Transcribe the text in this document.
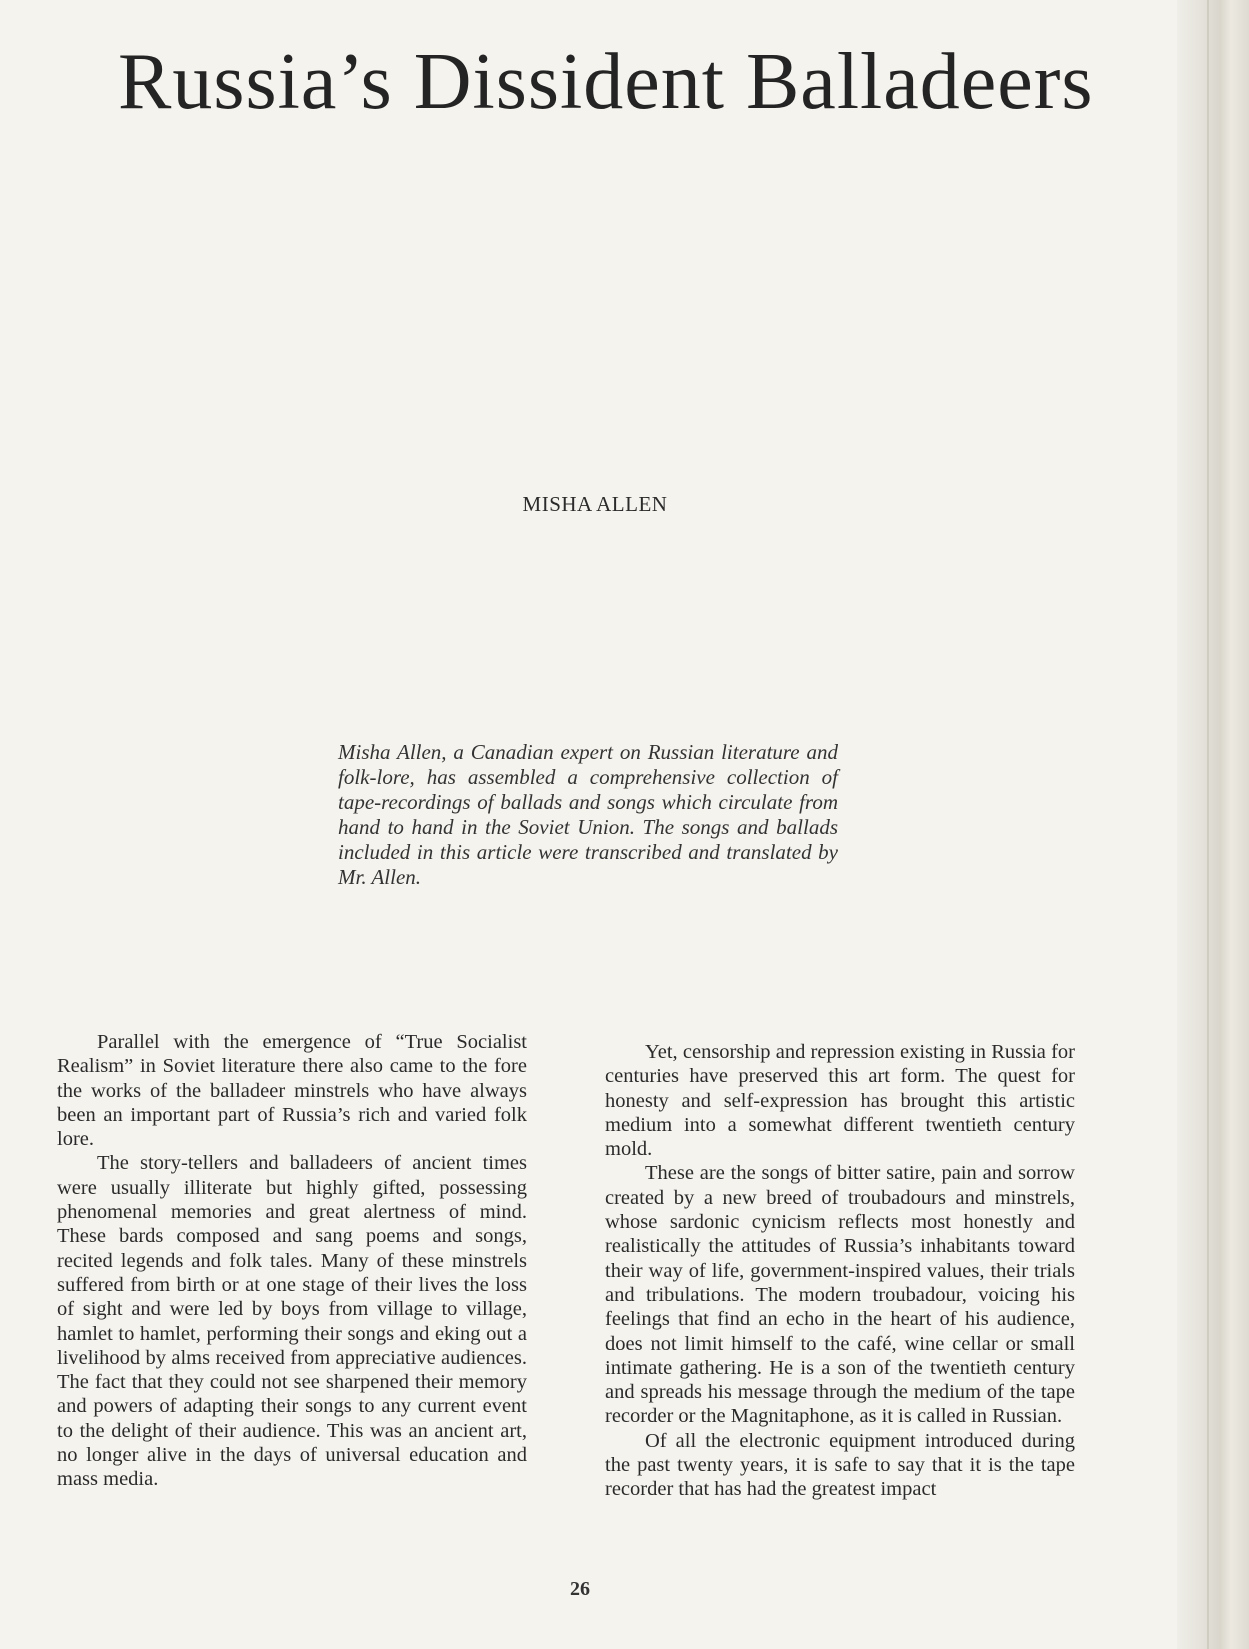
Russia’s Dissident Balladeers
MISHA ALLEN

Misha Allen, a Canadian expert on Russian literature and folk-lore, has assembled a comprehensive collection of tape-recordings of ballads and songs which circulate from hand to hand in the Soviet Union. The songs and ballads included in this article were transcribed and translated by Mr. Allen.

Parallel with the emergence of “True Socialist Realism” in Soviet literature there also came to the fore the works of the balladeer minstrels who have always been an important part of Russia’s rich and varied folk lore.

The story-tellers and balladeers of ancient times were usually illiterate but highly gifted, possessing phenomenal memories and great alertness of mind. These bards composed and sang poems and songs, recited legends and folk tales. Many of these minstrels suffered from birth or at one stage of their lives the loss of sight and were led by boys from village to village, hamlet to hamlet, performing their songs and eking out a livelihood by alms received from appreciative audiences. The fact that they could not see sharpened their memory and powers of adapting their songs to any current event to the delight of their audience. This was an ancient art, no longer alive in the days of universal education and mass media.

Yet, censorship and repression existing in Russia for centuries have preserved this art form. The quest for honesty and self-expression has brought this artistic medium into a somewhat different twentieth century mold.

These are the songs of bitter satire, pain and sorrow created by a new breed of troubadours and minstrels, whose sardonic cynicism reflects most honestly and realistically the attitudes of Russia’s inhabitants toward their way of life, government-inspired values, their trials and tribulations. The modern troubadour, voicing his feelings that find an echo in the heart of his audience, does not limit himself to the café, wine cellar or small intimate gathering. He is a son of the twentieth century and spreads his message through the medium of the tape recorder or the Magnitaphone, as it is called in Russian.

Of all the electronic equipment introduced during the past twenty years, it is safe to say that it is the tape recorder that has had the greatest impact

26
